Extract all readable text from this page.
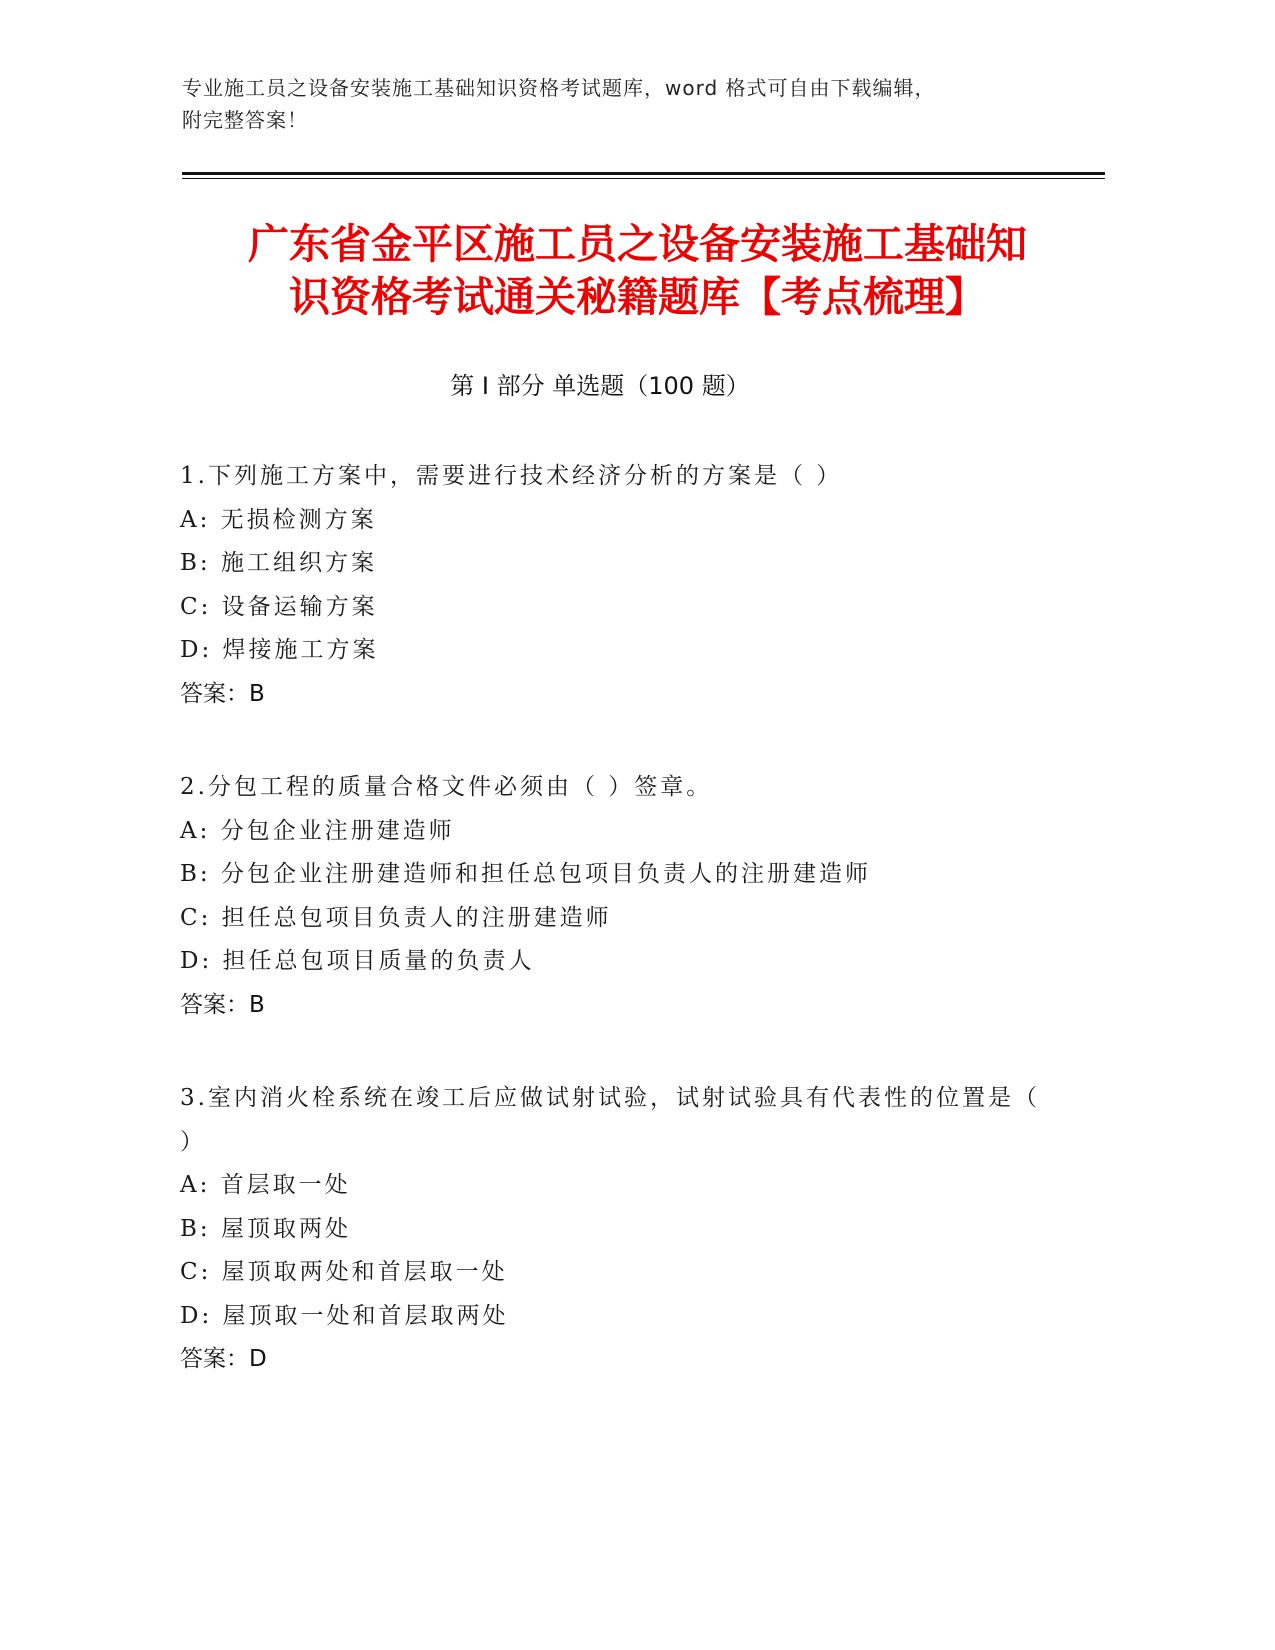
专业施工员之设备安装施工基础知识资格考试题库，word 格式可自由下载编辑，
附完整答案！
广东省金平区施工员之设备安装施工基础知
识资格考试通关秘籍题库【考点梳理】
第 I 部分 单选题（100 题）

1.下列施工方案中，需要进行技术经济分析的方案是（ ）

A: 无损检测方案

B: 施工组织方案

C: 设备运输方案

D: 焊接施工方案

答案：B

2.分包工程的质量合格文件必须由（ ）签章。

A: 分包企业注册建造师

B: 分包企业注册建造师和担任总包项目负责人的注册建造师

C: 担任总包项目负责人的注册建造师

D: 担任总包项目质量的负责人

答案：B

3.室内消火栓系统在竣工后应做试射试验，试射试验具有代表性的位置是（ ）

A: 首层取一处

B: 屋顶取两处

C: 屋顶取两处和首层取一处

D: 屋顶取一处和首层取两处

答案：D
